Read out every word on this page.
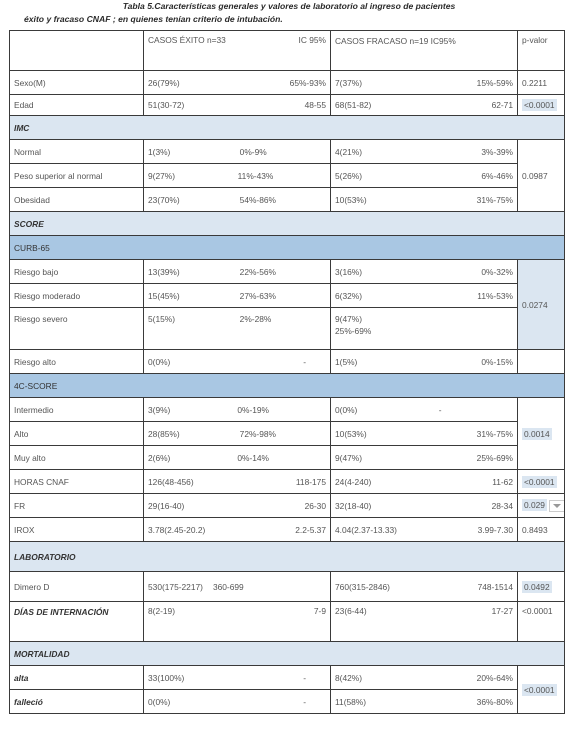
Tabla 5.Características generales y valores de laboratorio al ingreso de pacientes
éxito y fracaso CNAF ; en quienes tenían criterio de intubación.

	CASOS ÉXITO n=33 IC 95%	CASOS FRACASO n=19 IC95%	p-valor
Sexo(M)	26(79%) 65%-93%	7(37%) 15%-59%	0.2211
Edad	51(30-72) 48-55	68(51-82) 62-71	<0.0001
IMC			
Normal	1(3%) 0%-9%	4(21%) 3%-39%	0.0987
Peso superior al normal	9(27%) 11%-43%	5(26%) 6%-46%	

Obesidad	23(70%) 54%-86%	10(53%) 31%-75%	

SCORE			
CURB-65			
Riesgo bajo	13(39%) 22%-56%	3(16%) 0%-32%	0.0274
Riesgo moderado	15(45%) 27%-63%	6(32%) 11%-53%	

Riesgo severo	5(15%) 2%-28%	9(47%)
25%-69%	

Riesgo alto	0(0%) -	1(5%) 0%-15%	

4C-SCORE			
Intermedio	3(9%) 0%-19%	0(0%) -	0.0014
Alto	28(85%) 72%-98%	10(53%) 31%-75%	

Muy alto	2(6%) 0%-14%	9(47%) 25%-69%	

HORAS CNAF	126(48-456) 118-175	24(4-240) 11-62	<0.0001
FR	29(16-40) 26-30	32(18-40) 28-34	0.029
IROX	3.78(2.45-20.2) 2.2-5.37	4.04(2.37-13.33) 3.99-7.30	0.8493
LABORATORIO			
Dimero D	530(175-2217) 360-699	760(315-2846) 748-1514	0.0492
DÍAS DE INTERNACIÓN	8(2-19) 7-9	23(6-44) 17-27	<0.0001
MORTALIDAD			
alta	33(100%) -	8(42%) 20%-64%	<0.0001
falleció	0(0%) -	11(58%) 36%-80%	
